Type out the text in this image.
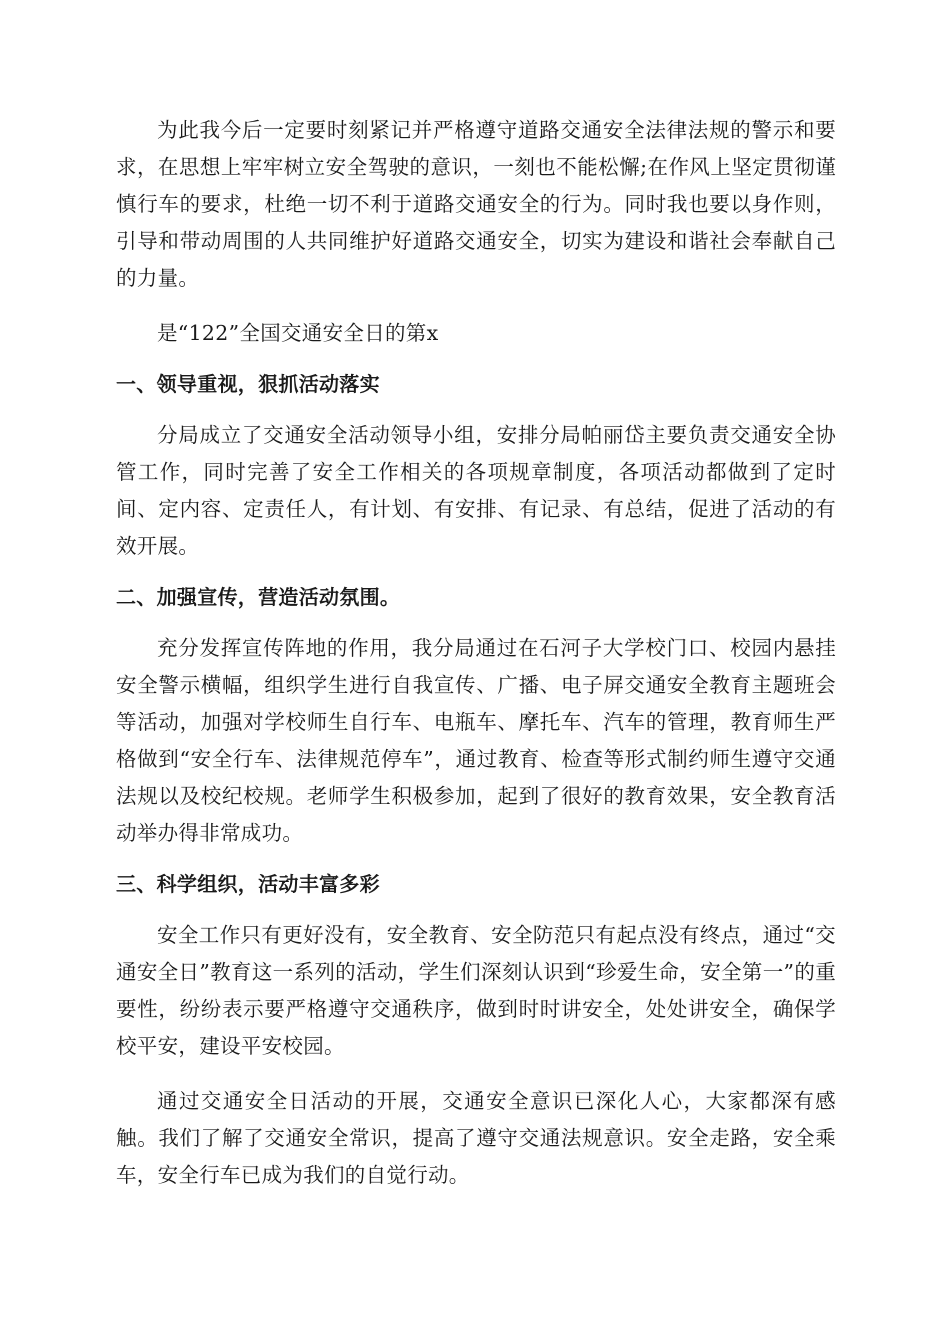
为此我今后一定要时刻紧记并严格遵守道路交通安全法律法规的警示和要求，在思想上牢牢树立安全驾驶的意识，一刻也不能松懈;在作风上坚定贯彻谨慎行车的要求，杜绝一切不利于道路交通安全的行为。同时我也要以身作则，引导和带动周围的人共同维护好道路交通安全，切实为建设和谐社会奉献自己的力量。

是“122”全国交通安全日的第x

一、领导重视，狠抓活动落实

分局成立了交通安全活动领导小组，安排分局帕丽岱主要负责交通安全协管工作，同时完善了安全工作相关的各项规章制度，各项活动都做到了定时间、定内容、定责任人，有计划、有安排、有记录、有总结，促进了活动的有效开展。

二、加强宣传，营造活动氛围。

充分发挥宣传阵地的作用，我分局通过在石河子大学校门口、校园内悬挂安全警示横幅，组织学生进行自我宣传、广播、电子屏交通安全教育主题班会等活动，加强对学校师生自行车、电瓶车、摩托车、汽车的管理，教育师生严格做到“安全行车、法律规范停车”，通过教育、检查等形式制约师生遵守交通法规以及校纪校规。老师学生积极参加，起到了很好的教育效果，安全教育活动举办得非常成功。

三、科学组织，活动丰富多彩

安全工作只有更好没有，安全教育、安全防范只有起点没有终点，通过“交通安全日”教育这一系列的活动，学生们深刻认识到“珍爱生命，安全第一”的重要性，纷纷表示要严格遵守交通秩序，做到时时讲安全，处处讲安全，确保学校平安，建设平安校园。

通过交通安全日活动的开展，交通安全意识已深化人心，大家都深有感触。我们了解了交通安全常识，提高了遵守交通法规意识。安全走路，安全乘车，安全行车已成为我们的自觉行动。
